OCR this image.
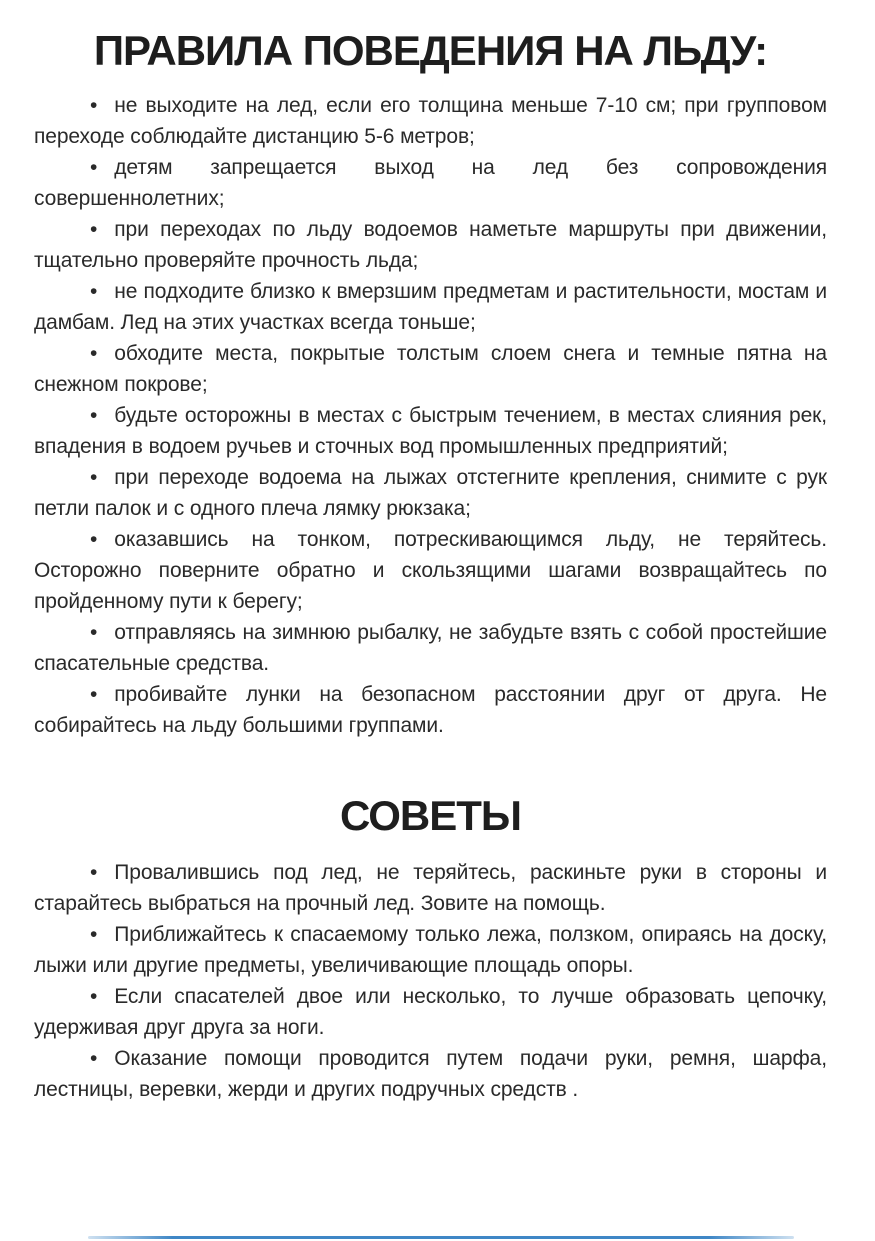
ПРАВИЛА ПОВЕДЕНИЯ НА ЛЬДУ:

• не выходите на лед, если его толщина меньше 7-10 см; при групповом переходе соблюдайте дистанцию 5-6 метров;

• детям запрещается выход на лед без сопровождения совершеннолетних;

• при переходах по льду водоемов наметьте маршруты при движении, тщательно проверяйте прочность льда;

• не подходите близко к вмерзшим предметам и растительности, мостам и дамбам. Лед на этих участках всегда тоньше;

• обходите места, покрытые толстым слоем снега и темные пятна на снежном покрове;

• будьте осторожны в местах с быстрым течением, в местах слияния рек, впадения в водоем ручьев и сточных вод промышленных предприятий;

• при переходе водоема на лыжах отстегните крепления, снимите с рук петли палок и с одного плеча лямку рюкзака;

• оказавшись на тонком, потрескивающимся льду, не теряйтесь. Осторожно поверните обратно и скользящими шагами возвращайтесь по пройденному пути к берегу;

• отправляясь на зимнюю рыбалку, не забудьте взять с собой простейшие спасательные средства.

• пробивайте лунки на безопасном расстоянии друг от друга. Не собирайтесь на льду большими группами.

СОВЕТЫ

• Провалившись под лед, не теряйтесь, раскиньте руки в стороны и старайтесь выбраться на прочный лед. Зовите на помощь.

• Приближайтесь к спасаемому только лежа, ползком, опираясь на доску, лыжи или другие предметы, увеличивающие площадь опоры.

• Если спасателей двое или несколько, то лучше образовать цепочку, удерживая друг друга за ноги.

• Оказание помощи проводится путем подачи руки, ремня, шарфа, лестницы, веревки, жерди и других подручных средств .
